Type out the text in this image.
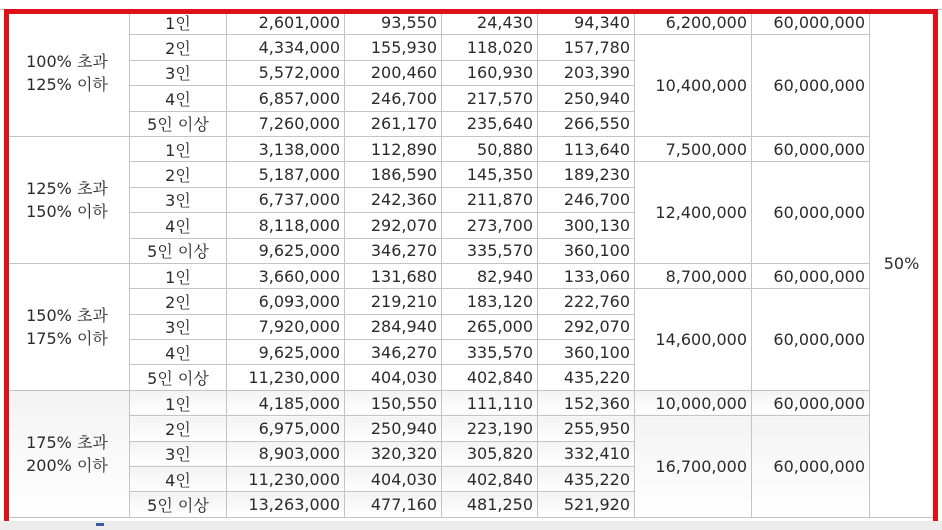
100% 초과
125% 이하	1인	2,601,000	93,550	24,430	94,340	6,200,000	60,000,000	50%
	2인	4,334,000	155,930	118,020	157,780	10,400,000	60,000,000	
	3인	5,572,000	200,460	160,930	203,390			
	4인	6,857,000	246,700	217,570	250,940			
	5인 이상	7,260,000	261,170	235,640	266,550			

125% 초과
150% 이하	1인	3,138,000	112,890	50,880	113,640	7,500,000	60,000,000	
	2인	5,187,000	186,590	145,350	189,230	12,400,000	60,000,000	
	3인	6,737,000	242,360	211,870	246,700			
	4인	8,118,000	292,070	273,700	300,130			
	5인 이상	9,625,000	346,270	335,570	360,100			

150% 초과
175% 이하	1인	3,660,000	131,680	82,940	133,060	8,700,000	60,000,000	
	2인	6,093,000	219,210	183,120	222,760	14,600,000	60,000,000	
	3인	7,920,000	284,940	265,000	292,070			
	4인	9,625,000	346,270	335,570	360,100			
	5인 이상	11,230,000	404,030	402,840	435,220			

175% 초과
200% 이하	1인	4,185,000	150,550	111,110	152,360	10,000,000	60,000,000	
	2인	6,975,000	250,940	223,190	255,950	16,700,000	60,000,000	
	3인	8,903,000	320,320	305,820	332,410			
	4인	11,230,000	404,030	402,840	435,220			
	5인 이상	13,263,000	477,160	481,250	521,920			
